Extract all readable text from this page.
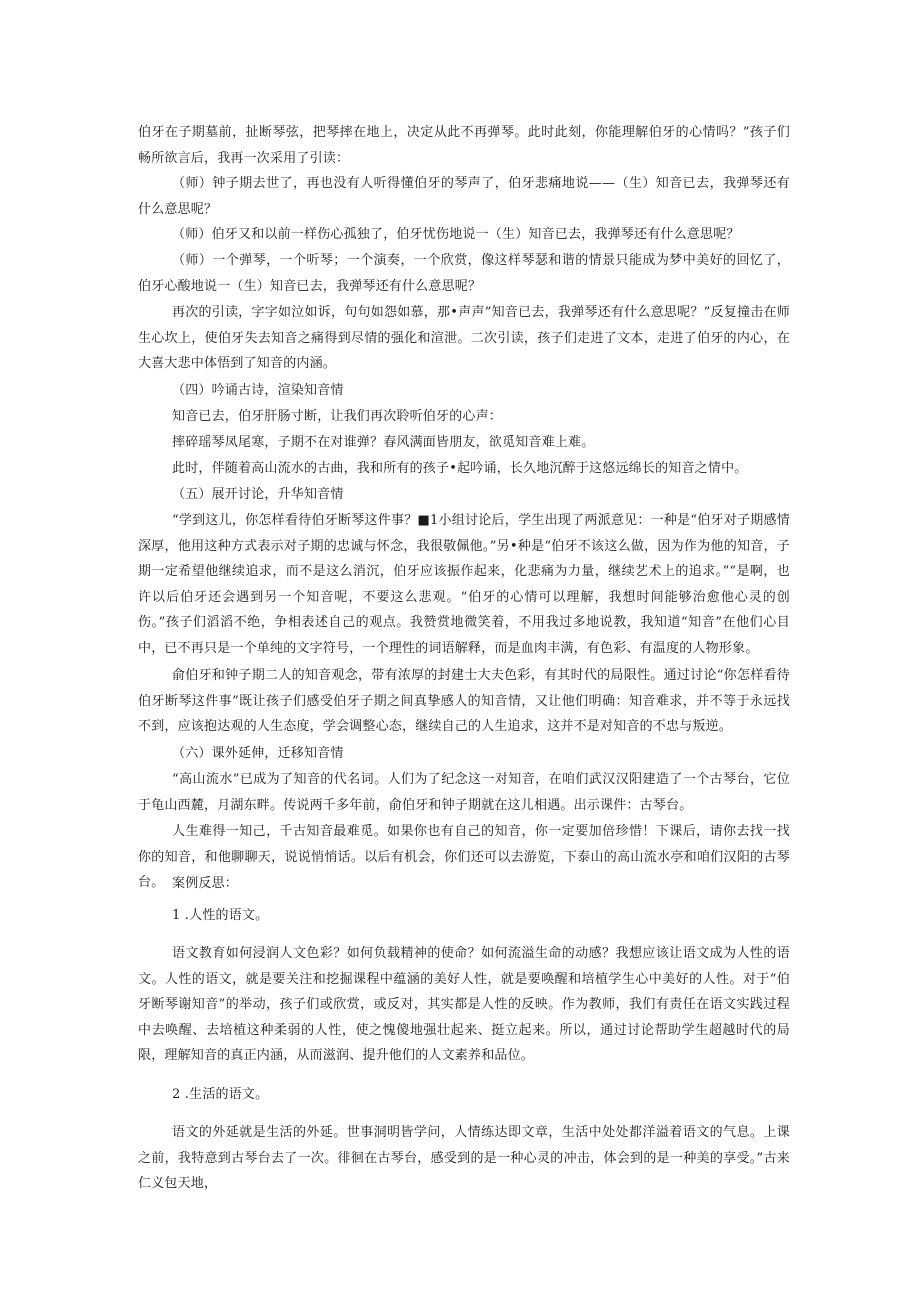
伯牙在子期墓前，扯断琴弦，把琴摔在地上，决定从此不再弹琴。此时此刻，你能理解伯牙的心情吗？”孩子们畅所欲言后，我再一次采用了引读：

（师）钟子期去世了，再也没有人听得懂伯牙的琴声了，伯牙悲痛地说——（生）知音已去，我弹琴还有什么意思呢？

（师）伯牙又和以前一样伤心孤独了，伯牙忧伤地说一（生）知音已去，我弹琴还有什么意思呢？

（师）一个弹琴，一个听琴；一个演奏，一个欣赏，像这样琴瑟和谐的情景只能成为梦中美好的回忆了，伯牙心酸地说一（生）知音已去，我弹琴还有什么意思呢？

再次的引读，字字如泣如诉，句句如怨如慕，那•声声”知音已去，我弹琴还有什么意思呢？”反复撞击在师生心坎上，使伯牙失去知音之痛得到尽情的强化和渲泄。二次引读，孩子们走进了文本，走进了伯牙的内心，在大喜大悲中体悟到了知音的内涵。

（四）吟诵古诗，渲染知音情

知音已去，伯牙肝肠寸断，让我们再次聆听伯牙的心声：

摔碎瑶琴凤尾寒，子期不在对谁弹？春风满面皆朋友，欲觅知音难上难。

此时，伴随着高山流水的古曲，我和所有的孩子•起吟诵，长久地沉醉于这悠远绵长的知音之情中。

（五）展开讨论，升华知音情

“学到这儿，你怎样看待伯牙断琴这件事？■1小组讨论后，学生出现了两派意见：一种是“伯牙对子期感情深厚，他用这种方式表示对子期的忠诚与怀念，我很敬佩他。”另•种是“伯牙不该这么做，因为作为他的知音，子期一定希望他继续追求，而不是这么消沉，伯牙应该振作起来，化悲痛为力量，继续艺术上的追求。”“是啊，也许以后伯牙还会遇到另一个知音呢，不要这么悲观。“伯牙的心情可以理解，我想时间能够治愈他心灵的创伤。”孩子们滔滔不绝，争相表述自己的观点。我赞赏地微笑着，不用我过多地说教，我知道“知音”在他们心目中，已不再只是一个单纯的文字符号，一个理性的词语解释，而是血肉丰满，有色彩、有温度的人物形象。

俞伯牙和钟子期二人的知音观念，带有浓厚的封建士大夫色彩，有其时代的局限性。通过讨论“你怎样看待伯牙断琴这件事”既让孩子们感受伯牙子期之间真挚感人的知音情，又让他们明确：知音难求，并不等于永远找不到，应该抱达观的人生态度，学会调整心态，继续自己的人生追求，这并不是对知音的不忠与叛逆。

（六）课外延伸，迁移知音情

“高山流水”已成为了知音的代名词。人们为了纪念这一对知音，在咱们武汉汉阳建造了一个古琴台，它位于龟山西麓，月湖东畔。传说两千多年前，俞伯牙和钟子期就在这儿相遇。出示课件：古琴台。

人生难得一知己，千古知音最难觅。如果你也有自己的知音，你一定要加倍珍惜！下课后，请你去找一找你的知音，和他聊聊天，说说悄悄话。以后有机会，你们还可以去游览，下泰山的高山流水亭和咱们汉阳的古琴台。 案例反思：

1 .人性的语文。

语文教育如何浸润人文色彩？如何负载精神的使命？如何流溢生命的动感？我想应该让语文成为人性的语文。人性的语文，就是要关注和挖掘课程中蕴涵的美好人性，就是要唤醒和培植学生心中美好的人性。对于“伯牙断琴谢知音”的举动，孩子们或欣赏，或反对，其实都是人性的反映。作为教师，我们有责任在语文实践过程中去唤醒、去培植这种柔弱的人性，使之愧傻地强壮起来、挺立起来。所以，通过讨论帮助学生超越时代的局限，理解知音的真正内涵，从而滋润、提升他们的人文素养和品位。

2 .生活的语文。

语文的外延就是生活的外延。世事洞明皆学问，人情练达即文章，生活中处处都洋溢着语文的气息。上课之前，我特意到古琴台去了一次。徘徊在古琴台，感受到的是一种心灵的冲击，体会到的是一种美的享受。”古来仁义包天地，
